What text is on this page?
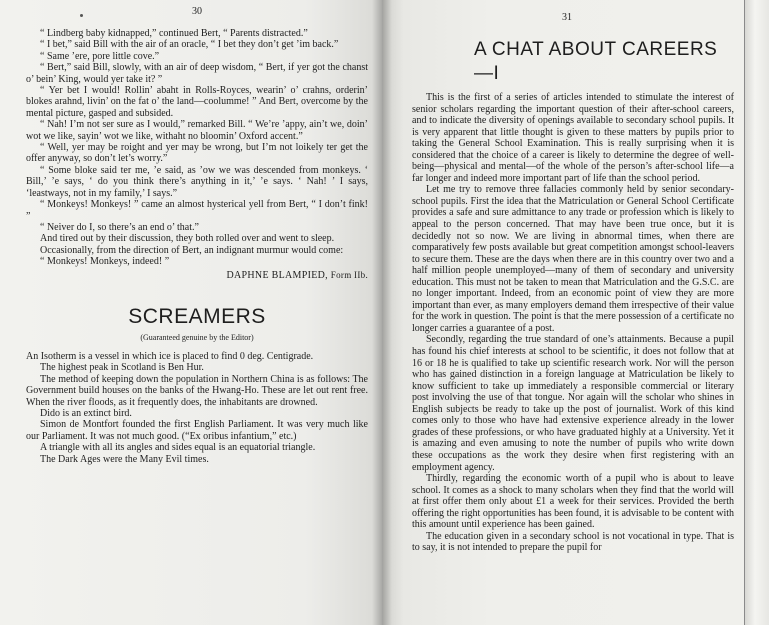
30

“ Lindberg baby kidnapped,” continued Bert, “ Parents distracted.”

“ I bet,” said Bill with the air of an oracle, “ I bet they don’t get ’im back.”

“ Same ’ere, pore little cove.”

“ Bert,” said Bill, slowly, with an air of deep wisdom, “ Bert, if yer got the chanst o’ bein’ King, would yer take it? ”

“ Yer bet I would! Rollin’ abaht in Rolls-Royces, wearin’ o’ crahns, orderin’ blokes arahnd, livin’ on the fat o’ the land—coolumme! ” And Bert, overcome by the mental picture, gasped and subsided.

“ Nah! I’m not ser sure as I would,” remarked Bill. “ We’re ’appy, ain’t we, doin’ wot we like, sayin’ wot we like, withaht no bloomin’ Oxford accent.”

“ Well, yer may be roight and yer may be wrong, but I’m not loikely ter get the offer anyway, so don’t let’s worry.”

“ Some bloke said ter me, ’e said, as ’ow we was descended from monkeys. ‘ Bill,’ ’e says, ‘ do you think there’s anything in it,’ ’e says. ‘ Nah! ’ I says, ‘leastways, not in my family,’ I says.”

“ Monkeys! Monkeys! ” came an almost hysterical yell from Bert, “ I don’t fink! ”

“ Neiver do I, so there’s an end o’ that.”

And tired out by their discussion, they both rolled over and went to sleep.

Occasionally, from the direction of Bert, an indignant murmur would come:

“ Monkeys! Monkeys, indeed! ”

DAPHNE BLAMPIED, Form IIb.

SCREAMERS
(Guaranteed genuine by the Editor)

An Isotherm is a vessel in which ice is placed to find 0 deg. Centigrade.

The highest peak in Scotland is Ben Hur.

The method of keeping down the population in Northern China is as follows: The Government build houses on the banks of the Hwang-Ho. These are let out rent free. When the river floods, as it frequently does, the inhabitants are drowned.

Dido is an extinct bird.

Simon de Montfort founded the first English Parliament. It was very much like our Parliament. It was not much good. (“Ex oribus infantium,” etc.)

A triangle with all its angles and sides equal is an equatorial triangle.

The Dark Ages were the Many Evil times.

31
A CHAT ABOUT CAREERS—I

This is the first of a series of articles intended to stimulate the interest of senior scholars regarding the important question of their after-school careers, and to indicate the diversity of openings available to secondary school pupils. It is very apparent that little thought is given to these matters by pupils prior to taking the General School Examination. This is really surprising when it is considered that the choice of a career is likely to determine the degree of well-being—physical and mental—of the whole of the person’s after-school life—a far longer and indeed more important part of life than the school period.

Let me try to remove three fallacies commonly held by senior secondary-school pupils. First the idea that the Matriculation or General School Certificate provides a safe and sure admittance to any trade or profession which is likely to appeal to the person concerned. That may have been true once, but it is decidedly not so now. We are living in abnormal times, when there are comparatively few posts available but great competition amongst school-leavers to secure them. These are the days when there are in this country over two and a half million people unemployed—many of them of secondary and university education. This must not be taken to mean that Matriculation and the G.S.C. are no longer important. Indeed, from an economic point of view they are more important than ever, as many employers demand them irrespective of their value for the work in question. The point is that the mere possession of a certificate no longer carries a guarantee of a post.

Secondly, regarding the true standard of one’s attainments. Because a pupil has found his chief interests at school to be scientific, it does not follow that at 16 or 18 he is qualified to take up scientific research work. Nor will the person who has gained distinction in a foreign language at Matriculation be likely to know sufficient to take up immediately a responsible commercial or literary post involving the use of that tongue. Nor again will the scholar who shines in English subjects be ready to take up the post of journalist. Work of this kind comes only to those who have had extensive experience already in the lower grades of these professions, or who have graduated highly at a University. Yet it is amazing and even amusing to note the number of pupils who write down these occupations as the work they desire when first registering with an employment agency.

Thirdly, regarding the economic worth of a pupil who is about to leave school. It comes as a shock to many scholars when they find that the world will at first offer them only about £1 a week for their services. Provided the berth offering the right opportunities has been found, it is advisable to be content with this amount until experience has been gained.

The education given in a secondary school is not vocational in type. That is to say, it is not intended to prepare the pupil for
